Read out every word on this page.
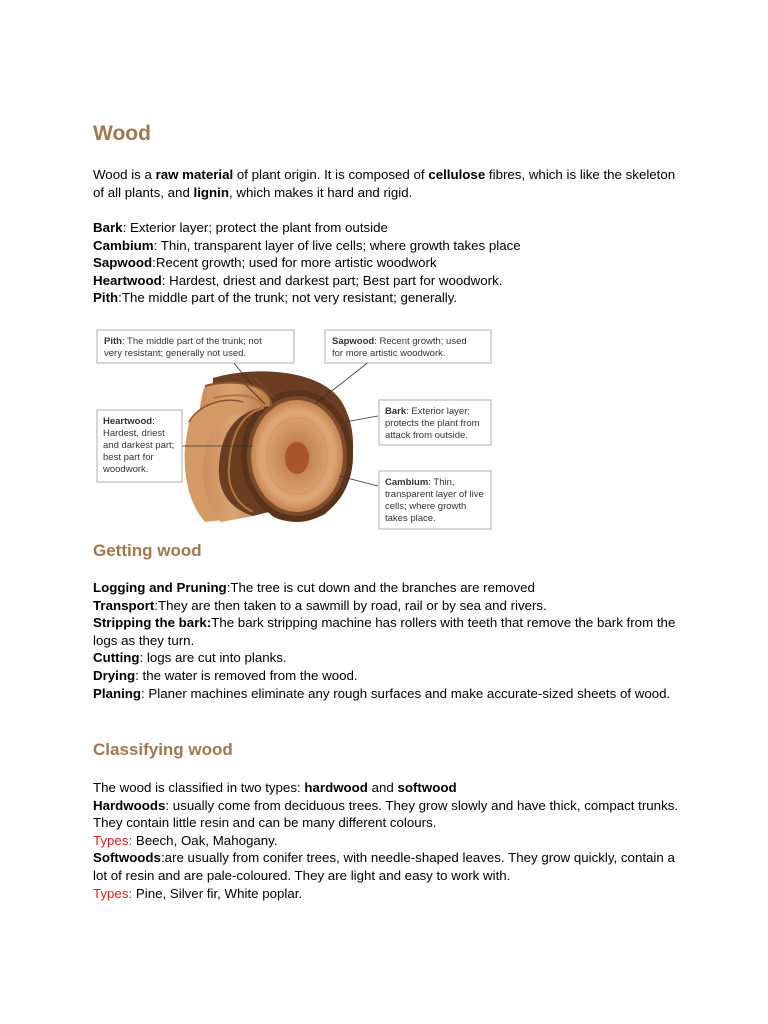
Wood

Wood is a raw material of plant origin. It is composed of cellulose fibres, which is like the skeleton of all plants, and lignin, which makes it hard and rigid.

Bark: Exterior layer; protect the plant from outside

Cambium: Thin, transparent layer of live cells; where growth takes place

Sapwood:Recent growth; used for more artistic woodwork

Heartwood: Hardest, driest and darkest part; Best part for woodwork.

Pith:The middle part of the trunk; not very resistant; generally.

Pith: The middle part of the trunk; not
very resistant; generally not used.
Sapwood: Recent growth; used
for more artistic woodwork.
Heartwood:
Hardest, driest
and darkest part;
best part for
woodwork.
Bark: Exterior layer;
protects the plant from
attack from outside.
Cambium: Thin,
transparent layer of live
cells; where growth
takes place.
Getting wood

Logging and Pruning:The tree is cut down and the branches are removed

Transport:They are then taken to a sawmill by road, rail or by sea and rivers.

Stripping the bark:The bark stripping machine has rollers with teeth that remove the bark from the logs as they turn.

Cutting: logs are cut into planks.

Drying: the water is removed from the wood.

Planing: Planer machines eliminate any rough surfaces and make accurate-sized sheets of wood.

Classifying wood

The wood is classified in two types: hardwood and softwood

Hardwoods: usually come from deciduous trees. They grow slowly and have thick, compact trunks. They contain little resin and can be many different colours.

Types: Beech, Oak, Mahogany.

Softwoods:are usually from conifer trees, with needle-shaped leaves. They grow quickly, contain a lot of resin and are pale-coloured. They are light and easy to work with.

Types: Pine, Silver fir, White poplar.
